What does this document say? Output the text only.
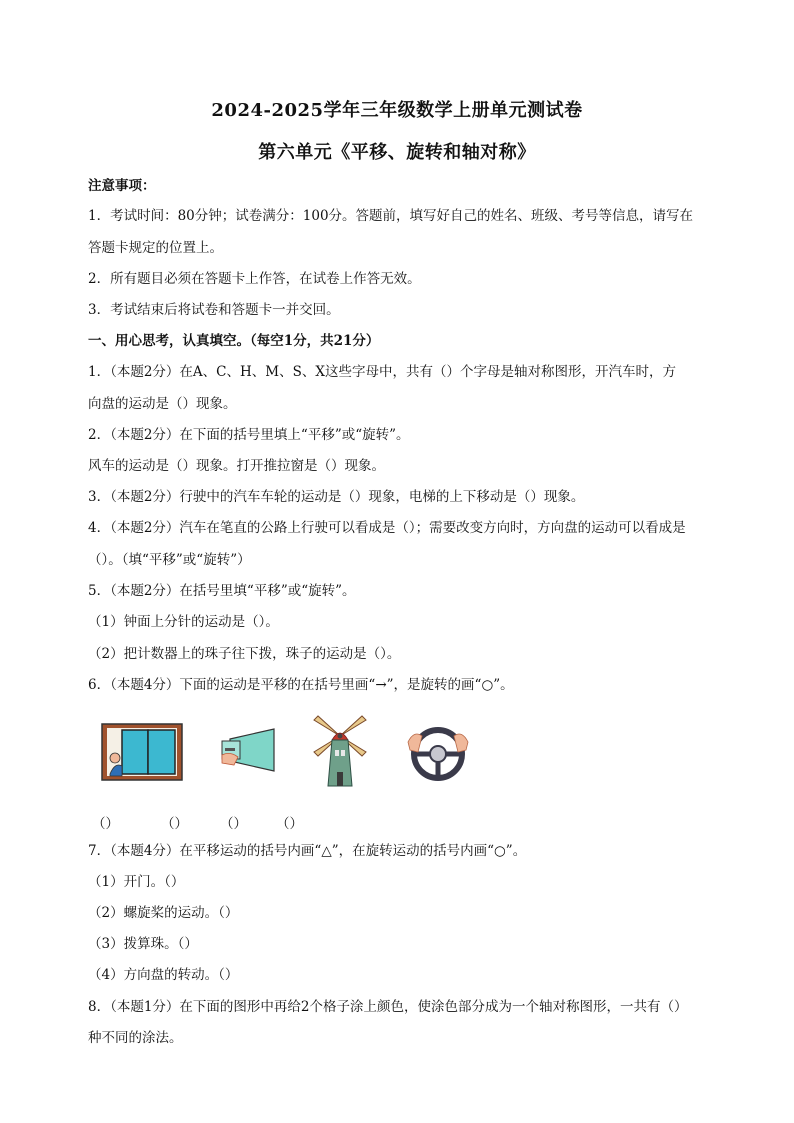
2024-2025学年三年级数学上册单元测试卷
第六单元《平移、旋转和轴对称》
注意事项：
1．考试时间：80分钟；试卷满分：100分。答题前，填写好自己的姓名、班级、考号等信息，请写在
答题卡规定的位置上。
2．所有题目必须在答题卡上作答，在试卷上作答无效。
3．考试结束后将试卷和答题卡一并交回。
一、用心思考，认真填空。（每空1分，共21分）
1．（本题2分）在A、C、H、M、S、X这些字母中，共有（）个字母是轴对称图形，开汽车时，方
向盘的运动是（）现象。
2．（本题2分）在下面的括号里填上“平移”或“旋转”。
风车的运动是（）现象。打开推拉窗是（）现象。
3．（本题2分）行驶中的汽车车轮的运动是（）现象，电梯的上下移动是（）现象。
4．（本题2分）汽车在笔直的公路上行驶可以看成是（）；需要改变方向时，方向盘的运动可以看成是
（）。（填“平移”或“旋转”）
5．（本题2分）在括号里填“平移”或“旋转”。
（1）钟面上分针的运动是（）。
（2）把计数器上的珠子往下拨，珠子的运动是（）。
6．（本题4分）下面的运动是平移的在括号里画“→”，是旋转的画“○”。
（）	（） （） （）
7．（本题4分）在平移运动的括号内画“△”，在旋转运动的括号内画“○”。
（1）开门。（）
（2）螺旋桨的运动。（）
（3）拨算珠。（）
（4）方向盘的转动。（）
8．（本题1分）在下面的图形中再给2个格子涂上颜色，使涂色部分成为一个轴对称图形，一共有（）
种不同的涂法。
